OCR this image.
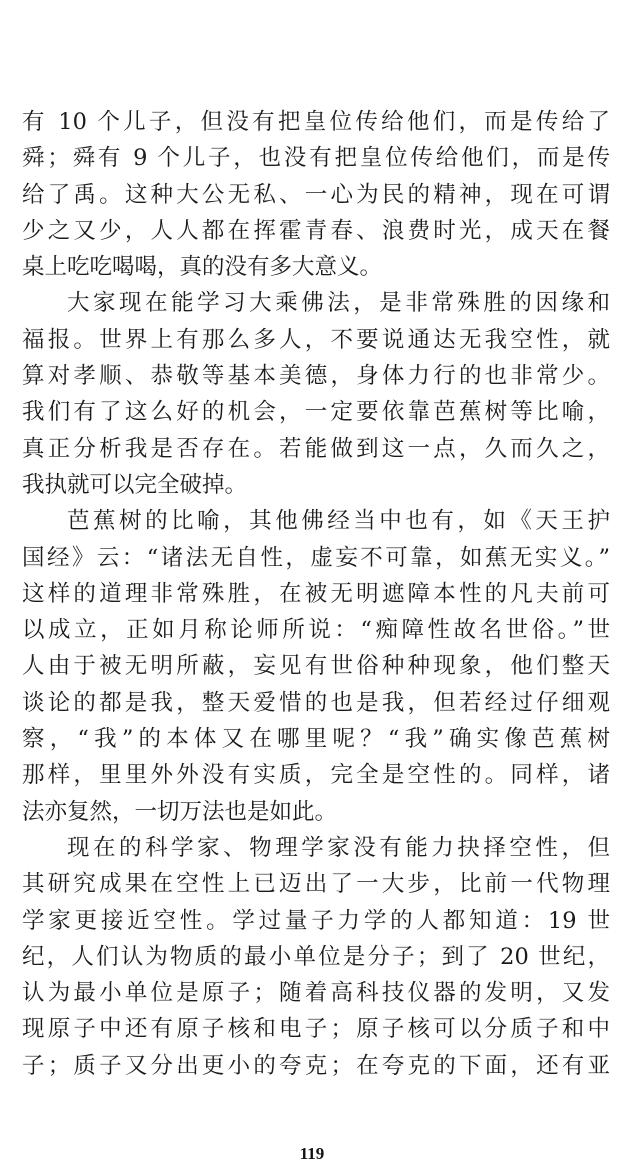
有 10 个儿子，但没有把皇位传给他们，而是传给了
舜；舜有 9 个儿子，也没有把皇位传给他们，而是传
给了禹。这种大公无私、一心为民的精神，现在可谓
少之又少，人人都在挥霍青春、浪费时光，成天在餐
桌上吃吃喝喝，真的没有多大意义。
大家现在能学习大乘佛法，是非常殊胜的因缘和
福报。世界上有那么多人，不要说通达无我空性，就
算对孝顺、恭敬等基本美德，身体力行的也非常少。
我们有了这么好的机会，一定要依靠芭蕉树等比喻，
真正分析我是否存在。若能做到这一点，久而久之，
我执就可以完全破掉。
芭蕉树的比喻，其他佛经当中也有，如《天王护
国经》云：“诸法无自性，虚妄不可靠，如蕉无实义。”
这样的道理非常殊胜，在被无明遮障本性的凡夫前可
以成立，正如月称论师所说：“痴障性故名世俗。”世
人由于被无明所蔽，妄见有世俗种种现象，他们整天
谈论的都是我，整天爱惜的也是我，但若经过仔细观
察，“我”的本体又在哪里呢？“我”确实像芭蕉树
那样，里里外外没有实质，完全是空性的。同样，诸
法亦复然，一切万法也是如此。
现在的科学家、物理学家没有能力抉择空性，但
其研究成果在空性上已迈出了一大步，比前一代物理
学家更接近空性。学过量子力学的人都知道：19 世
纪，人们认为物质的最小单位是分子；到了 20 世纪，
认为最小单位是原子；随着高科技仪器的发明，又发
现原子中还有原子核和电子；原子核可以分质子和中
子；质子又分出更小的夸克；在夸克的下面，还有亚
119
